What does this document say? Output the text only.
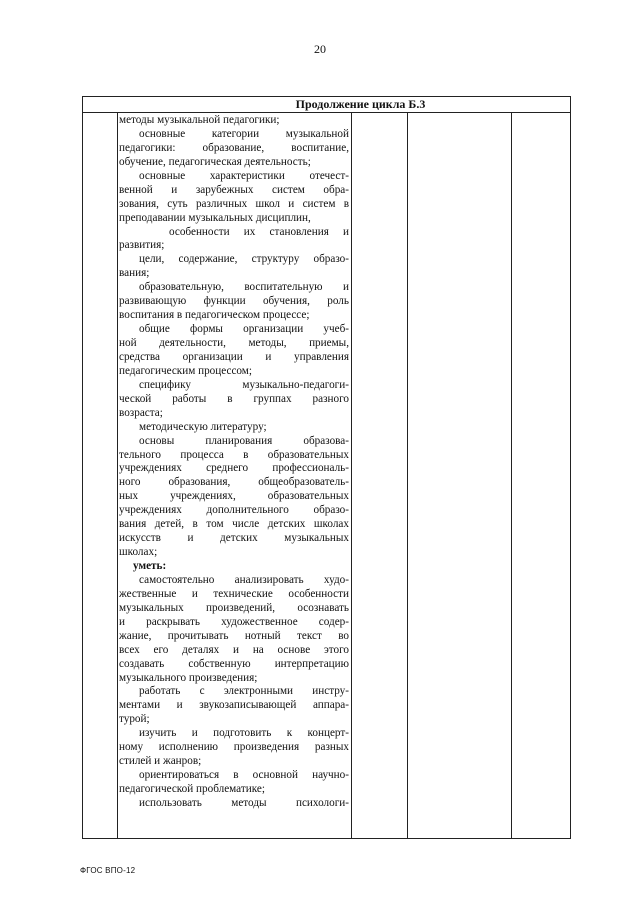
20
Продолжение цикла Б.3
методы музыкальной педагогики;
основные категории музыкальной
педагогики: образование, воспитание,
обучение, педагогическая деятельность;
основные характеристики отечест-
венной и зарубежных систем обра-
зования, суть различных школ и систем в
преподавании музыкальных дисциплин,
особенности их становления и
развития;
цели, содержание, структуру образо-
вания;
образовательную, воспитательную и
развивающую функции обучения, роль
воспитания в педагогическом процессе;
общие формы организации учеб-
ной деятельности, методы, приемы,
средства организации и управления
педагогическим процессом;
специфику музыкально-педагоги-
ческой работы в группах разного
возраста;
методическую литературу;
основы планирования образова-
тельного процесса в образовательных
учреждениях среднего профессиональ-
ного образования, общеобразователь-
ных учреждениях, образовательных
учреждениях дополнительного образо-
вания детей, в том числе детских школах
искусств и детских музыкальных
школах;
уметь:
самостоятельно анализировать худо-
жественные и технические особенности
музыкальных произведений, осознавать
и раскрывать художественное содер-
жание, прочитывать нотный текст во
всех его деталях и на основе этого
создавать собственную интерпретацию
музыкального произведения;
работать с электронными инстру-
ментами и звукозаписывающей аппара-
турой;
изучить и подготовить к концерт-
ному исполнению произведения разных
стилей и жанров;
ориентироваться в основной научно-
педагогической проблематике;
использовать методы психологи-
ФГОС ВПО-12
